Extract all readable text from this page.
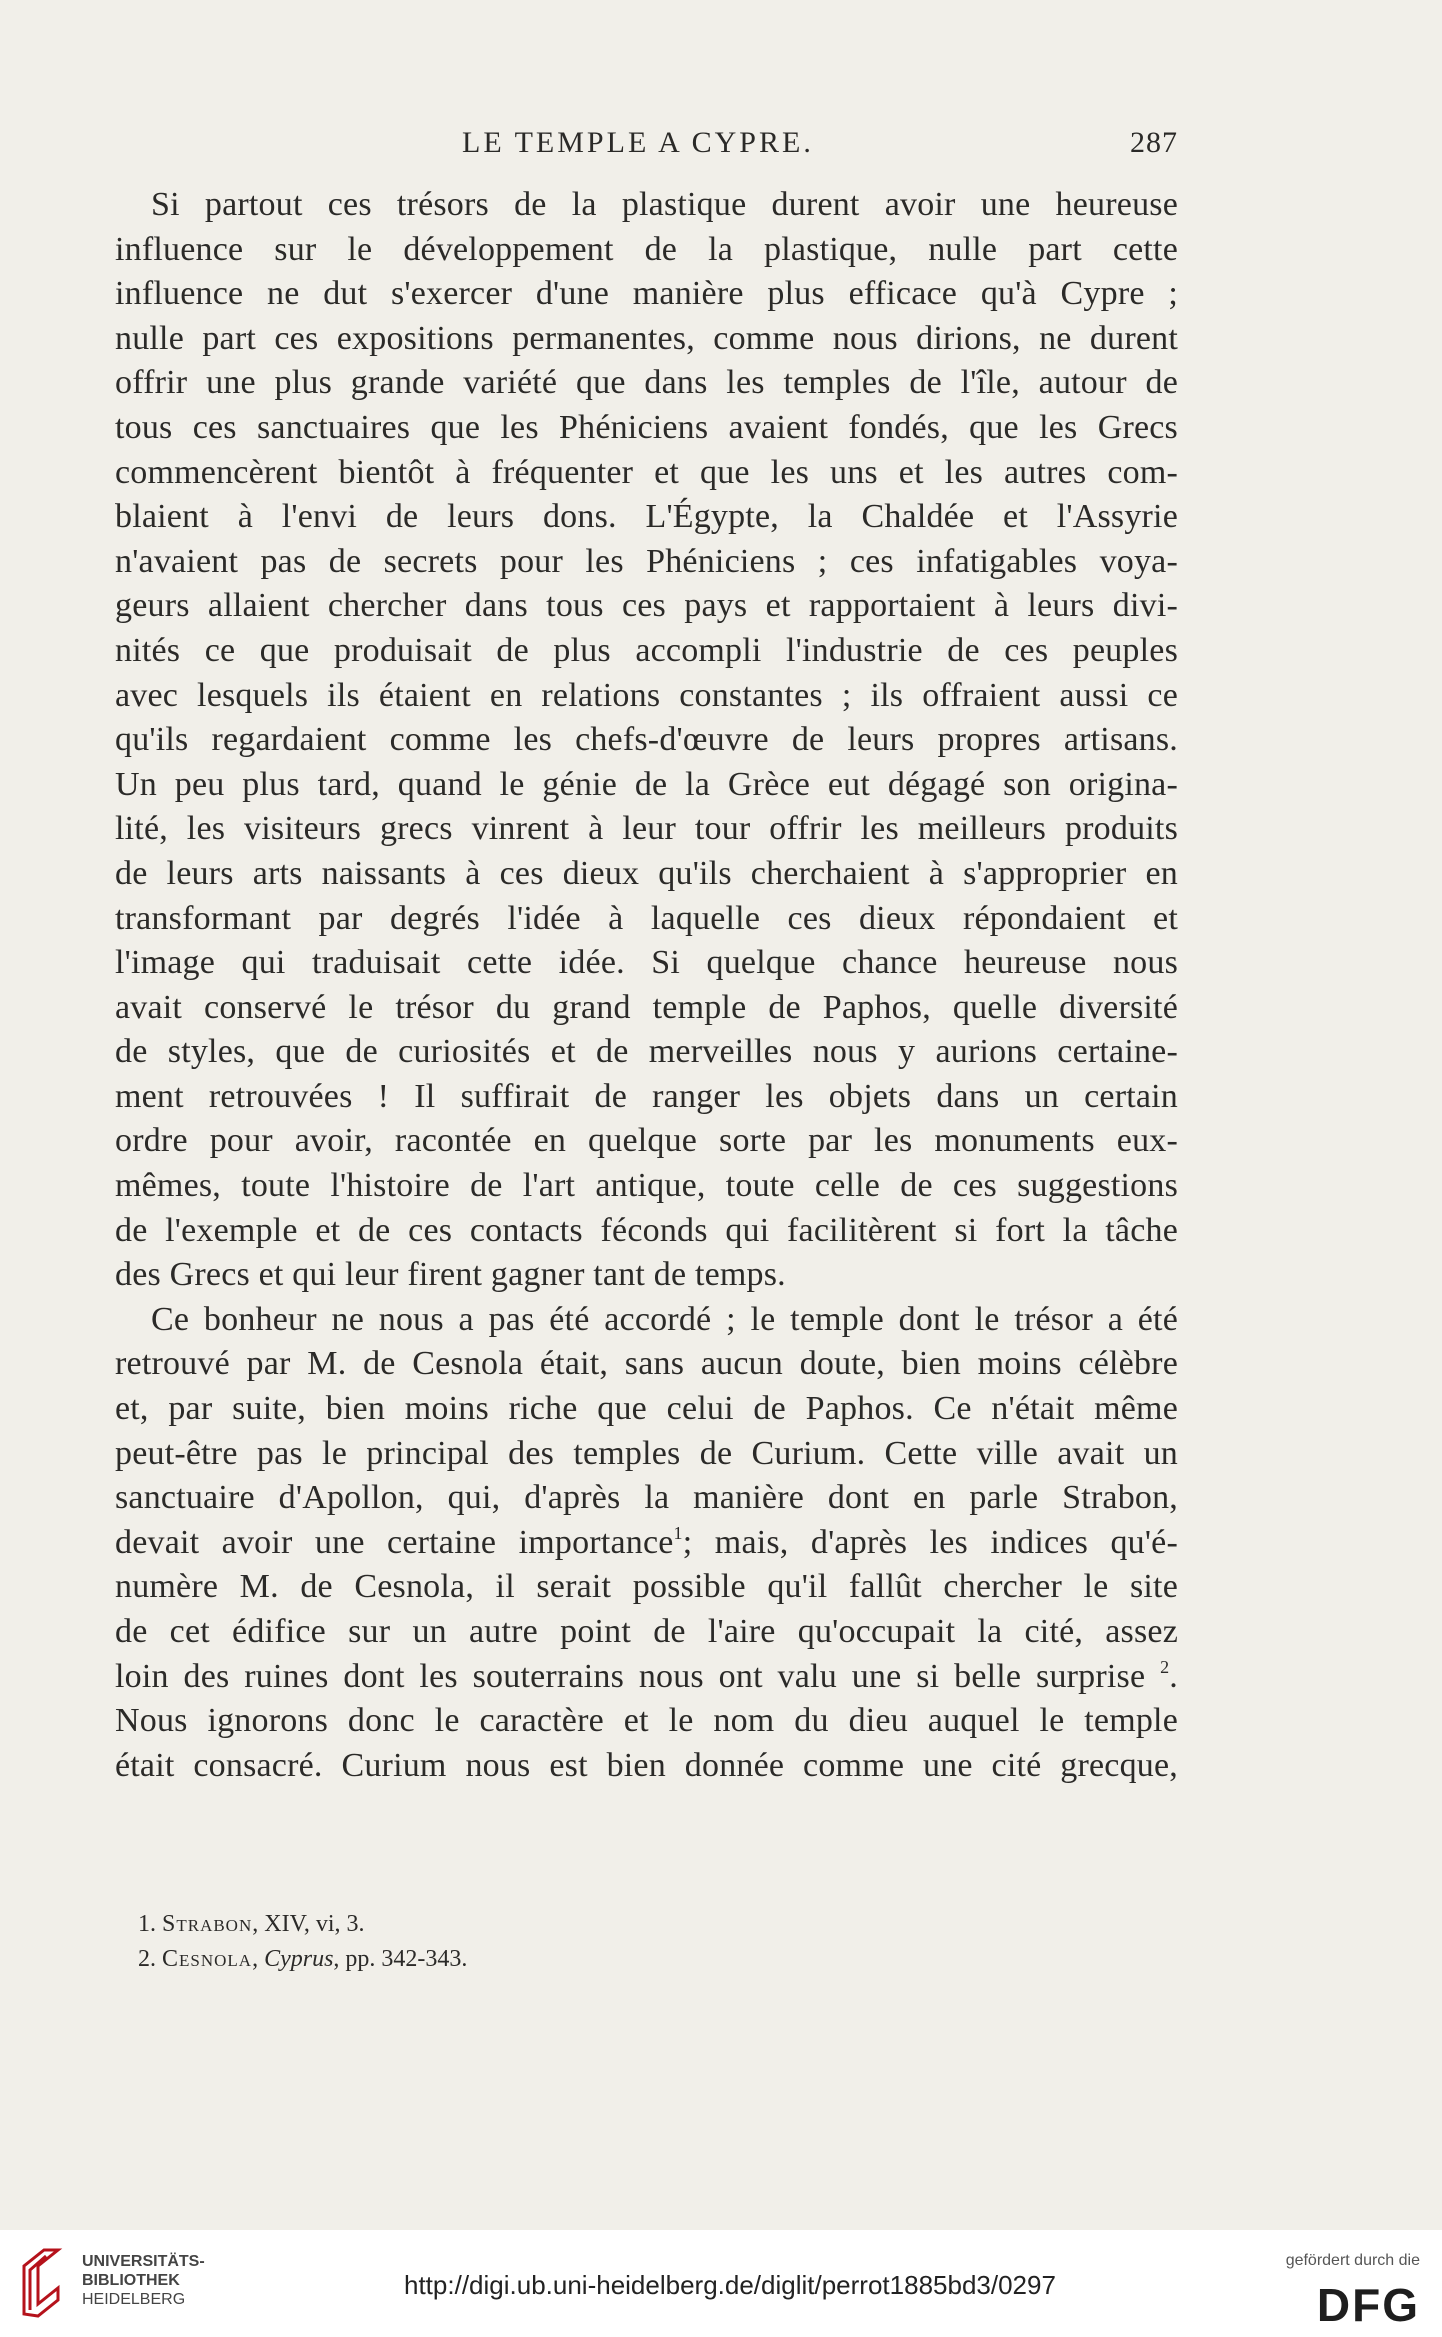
LE TEMPLE A CYPRE.	287
Si partout ces trésors de la plastique durent avoir une heureuse
influence sur le développement de la plastique, nulle part cette
influence ne dut s'exercer d'une manière plus efficace qu'à Cypre ;
nulle part ces expositions permanentes, comme nous dirions, ne durent
offrir une plus grande variété que dans les temples de l'île, autour de
tous ces sanctuaires que les Phéniciens avaient fondés, que les Grecs
commencèrent bientôt à fréquenter et que les uns et les autres com-
blaient à l'envi de leurs dons. L'Égypte, la Chaldée et l'Assyrie
n'avaient pas de secrets pour les Phéniciens ; ces infatigables voya-
geurs allaient chercher dans tous ces pays et rapportaient à leurs divi-
nités ce que produisait de plus accompli l'industrie de ces peuples
avec lesquels ils étaient en relations constantes ; ils offraient aussi ce
qu'ils regardaient comme les chefs-d'œuvre de leurs propres artisans.
Un peu plus tard, quand le génie de la Grèce eut dégagé son origina-
lité, les visiteurs grecs vinrent à leur tour offrir les meilleurs produits
de leurs arts naissants à ces dieux qu'ils cherchaient à s'approprier en
transformant par degrés l'idée à laquelle ces dieux répondaient et
l'image qui traduisait cette idée. Si quelque chance heureuse nous
avait conservé le trésor du grand temple de Paphos, quelle diversité
de styles, que de curiosités et de merveilles nous y aurions certaine-
ment retrouvées ! Il suffirait de ranger les objets dans un certain
ordre pour avoir, racontée en quelque sorte par les monuments eux-
mêmes, toute l'histoire de l'art antique, toute celle de ces suggestions
de l'exemple et de ces contacts féconds qui facilitèrent si fort la tâche
des Grecs et qui leur firent gagner tant de temps.
Ce bonheur ne nous a pas été accordé ; le temple dont le trésor a été
retrouvé par M. de Cesnola était, sans aucun doute, bien moins célèbre
et, par suite, bien moins riche que celui de Paphos. Ce n'était même
peut-être pas le principal des temples de Curium. Cette ville avait un
sanctuaire d'Apollon, qui, d'après la manière dont en parle Strabon,
devait avoir une certaine importance$^1$; mais, d'après les indices qu'é-
numère M. de Cesnola, il serait possible qu'il fallût chercher le site
de cet édifice sur un autre point de l'aire qu'occupait la cité, assez
loin des ruines dont les souterrains nous ont valu une si belle surprise $^2$.
Nous ignorons donc le caractère et le nom du dieu auquel le temple
était consacré. Curium nous est bien donnée comme une cité grecque,
1. Strabon, XIV, vi, 3.
2. Cesnola, Cyprus, pp. 342-343.
UNIVERSITÄTS-
BIBLIOTHEK
HEIDELBERG	http://digi.ub.uni-heidelberg.de/diglit/perrot1885bd3/0297
gefördert durch die
DFG
